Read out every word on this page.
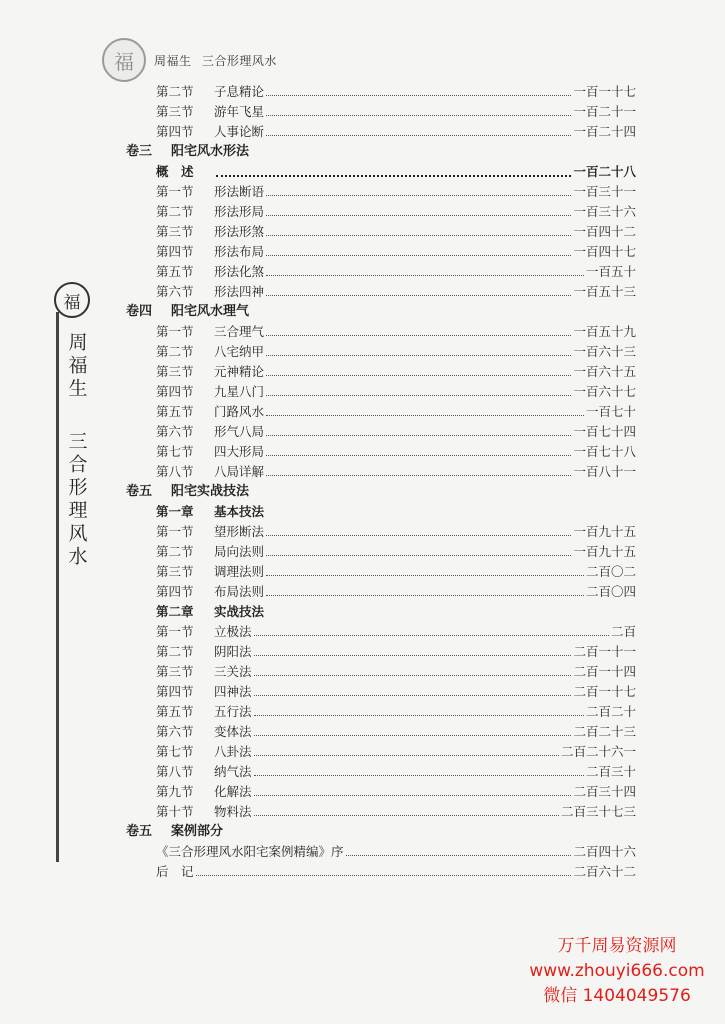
福	周福生 三合形理风水
福
周福生
三合形理风水
第二节	子息精论	一百一十七
第三节	游年飞星	一百二十一
第四节	人事论断	一百二十四
卷三	阳宅风水形法
概　述	一百二十八
第一节	形法断语	一百三十一
第二节	形法形局	一百三十六
第三节	形法形煞	一百四十二
第四节	形法布局	一百四十七
第五节	形法化煞	一百五十
第六节	形法四神	一百五十三
卷四	阳宅风水理气
第一节	三合理气	一百五十九
第二节	八宅纳甲	一百六十三
第三节	元神精论	一百六十五
第四节	九星八门	一百六十七
第五节	门路风水	一百七十
第六节	形气八局	一百七十四
第七节	四大形局	一百七十八
第八节	八局详解	一百八十一
卷五	阳宅实战技法
第一章	基本技法
第一节	望形断法	一百九十五
第二节	局向法则	一百九十五
第三节	调理法则	二百〇二
第四节	布局法则	二百〇四
第二章	实战技法
第一节	立极法	二百
第二节	阴阳法	二百一十一
第三节	三关法	二百一十四
第四节	四神法	二百一十七
第五节	五行法	二百二十
第六节	变体法	二百二十三
第七节	八卦法	二百二十六一
第八节	纳气法	二百三十
第九节	化解法	二百三十四
第十节	物料法	二百三十七三
卷五	案例部分
《三合形理风水阳宅案例精编》序	二百四十六
后　记	二百六十二
万千周易资源网
www.zhouyi666.com
微信 1404049576
